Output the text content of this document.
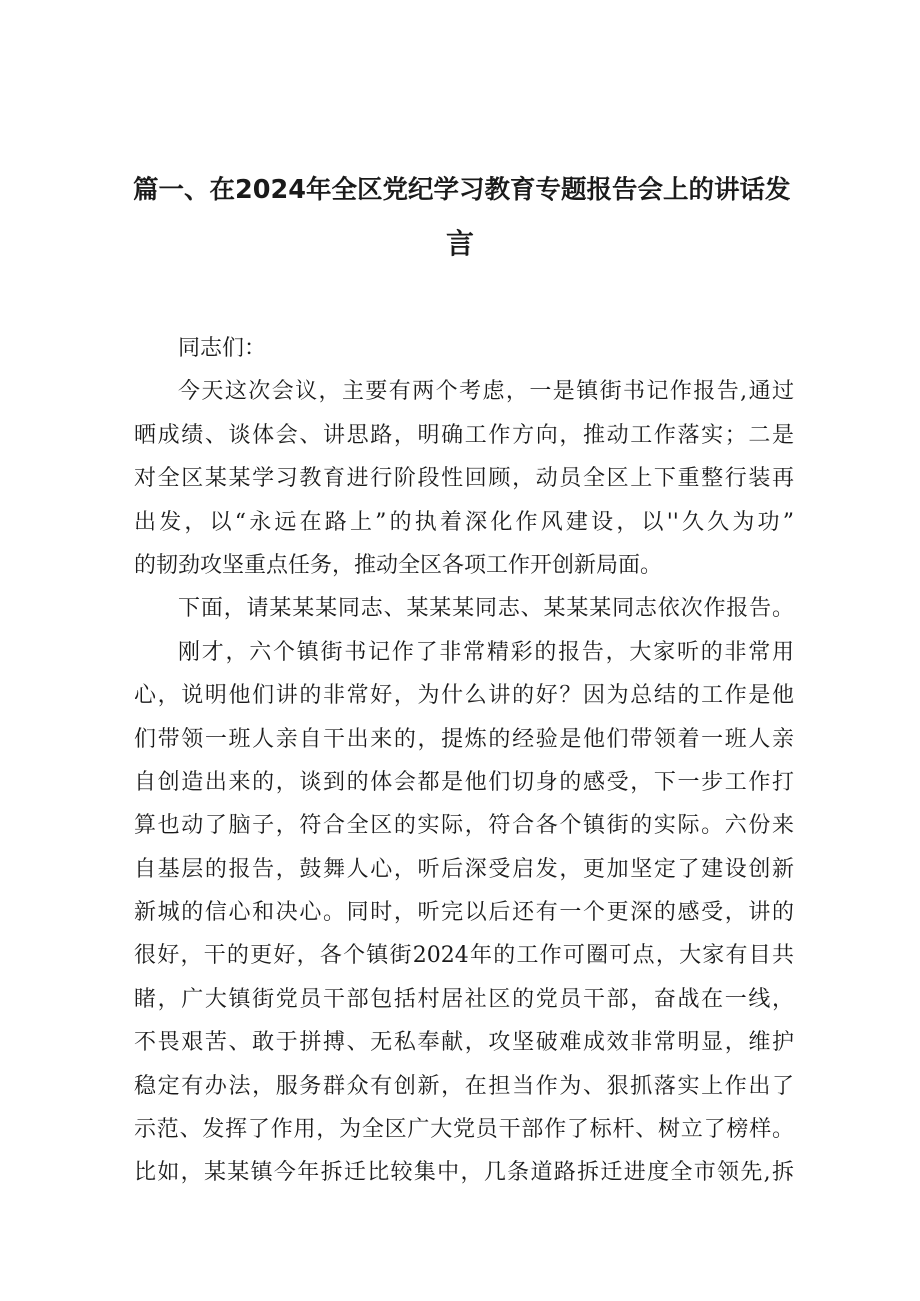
篇一、在2024年全区党纪学习教育专题报告会上的讲话发
言
同志们：
今天这次会议，主要有两个考虑，一是镇街书记作报告,通过
晒成绩、谈体会、讲思路，明确工作方向，推动工作落实；二是
对全区某某学习教育进行阶段性回顾，动员全区上下重整行装再
出发，以“永远在路上”的执着深化作风建设，以''久久为功”
的韧劲攻坚重点任务，推动全区各项工作开创新局面。
下面，请某某某同志、某某某同志、某某某同志依次作报告。
刚才，六个镇街书记作了非常精彩的报告，大家听的非常用
心，说明他们讲的非常好，为什么讲的好？因为总结的工作是他
们带领一班人亲自干出来的，提炼的经验是他们带领着一班人亲
自创造出来的，谈到的体会都是他们切身的感受，下一步工作打
算也动了脑子，符合全区的实际，符合各个镇街的实际。六份来
自基层的报告，鼓舞人心，听后深受启发，更加坚定了建设创新
新城的信心和决心。同时，听完以后还有一个更深的感受，讲的
很好，干的更好，各个镇街2024年的工作可圈可点，大家有目共
睹，广大镇街党员干部包括村居社区的党员干部，奋战在一线，
不畏艰苦、敢于拼搏、无私奉献，攻坚破难成效非常明显，维护
稳定有办法，服务群众有创新，在担当作为、狠抓落实上作出了
示范、发挥了作用，为全区广大党员干部作了标杆、树立了榜样。
比如，某某镇今年拆迁比较集中，几条道路拆迁进度全市领先,拆
